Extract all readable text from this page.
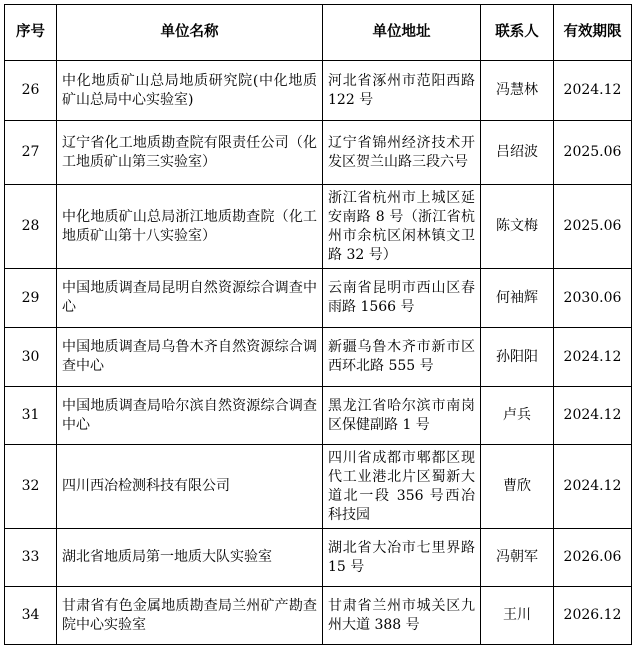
序号	单位名称	单位地址	联系人	有效期限
26	中化地质矿山总局地质研究院(中化地质矿山总局中心实验室)	河北省涿州市范阳西路 122 号	冯慧林	2024.12
27	辽宁省化工地质勘查院有限责任公司（化工地质矿山第三实验室）	辽宁省锦州经济技术开发区贺兰山路三段六号	吕绍波	2025.06
28	中化地质矿山总局浙江地质勘查院（化工地质矿山第十八实验室）	浙江省杭州市上城区延安南路 8 号（浙江省杭州市余杭区闲林镇文卫路 32 号）	陈文梅	2025.06
29	中国地质调查局昆明自然资源综合调查中心	云南省昆明市西山区春雨路 1566 号	何袖辉	2030.06
30	中国地质调查局乌鲁木齐自然资源综合调查中心	新疆乌鲁木齐市新市区西环北路 555 号	孙阳阳	2024.12
31	中国地质调查局哈尔滨自然资源综合调查中心	黑龙江省哈尔滨市南岗区保健副路 1 号	卢兵	2024.12
32	四川西冶检测科技有限公司	四川省成都市郫都区现代工业港北片区蜀新大道北一段 356 号西冶科技园	曹欣	2024.12
33	湖北省地质局第一地质大队实验室	湖北省大冶市七里界路 15 号	冯朝军	2026.06
34	甘肃省有色金属地质勘查局兰州矿产勘查院中心实验室	甘肃省兰州市城关区九州大道 388 号	王川	2026.12
